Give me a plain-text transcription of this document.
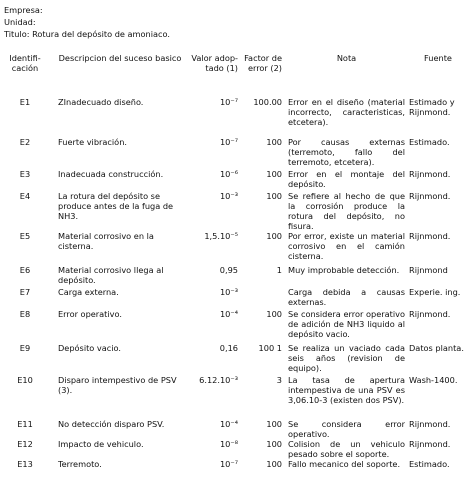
Empresa:
Unidad:
Titulo: Rotura del depósito de amoniaco.
Identifi- cación	Descripcion del suceso basico	Valor adop- tado (1)	Factor de error (2)	Nota	Fuente
E1	ZInadecuado diseño.	10⁻⁷	100.00	Error en el diseño (material incorrecto, caracteristicas, etcetera).	Estimado y Rijnmond.
E2	Fuerte vibración.	10⁻⁷	100	Por causas externas (terremoto, fallo del terremoto, etcetera).	Estimado.
E3	Inadecuada construcción.	10⁻⁶	100	Error en el montaje del depósito.	Rijnmond.
E4	La rotura del depósito se produce antes de la fuga de NH3.	10⁻³	100	Se refiere al hecho de que la corrosión produce la rotura del depósito, no fisura.	Rijnmond.
E5	Material corrosivo en la cisterna.	1,5.10⁻⁵	100	Por error, existe un material corrosivo en el camión cisterna.	Rijnmond.
E6	Material corrosivo llega al depósito.	0,95	1	Muy improbable detección.	Rijnmond
E7	Carga externa.	10⁻³		Carga debida a causas externas.	Experie. ing.
E8	Error operativo.	10⁻⁴	100	Se considera error operativo de adición de NH3 liquido al depósito vacio.	Rijnmond.
E9	Depósito vacio.	0,16	100 1	Se realiza un vaciado cada seis años (revision de equipo).	Datos planta.
E10	Disparo intempestivo de PSV (3).	6.12.10⁻³	3	La tasa de apertura intempestiva de una PSV es 3,06.10-3 (existen dos PSV).	Wash-1400.
E11	No detección disparo PSV.	10⁻⁴	100	Se considera error operativo.	Rijnmond.
E12	Impacto de vehiculo.	10⁻⁸	100	Colision de un vehiculo pesado sobre el soporte.	Rijnmond.
E13	Terremoto.	10⁻⁷	100	Fallo mecanico del soporte.	Estimado.
